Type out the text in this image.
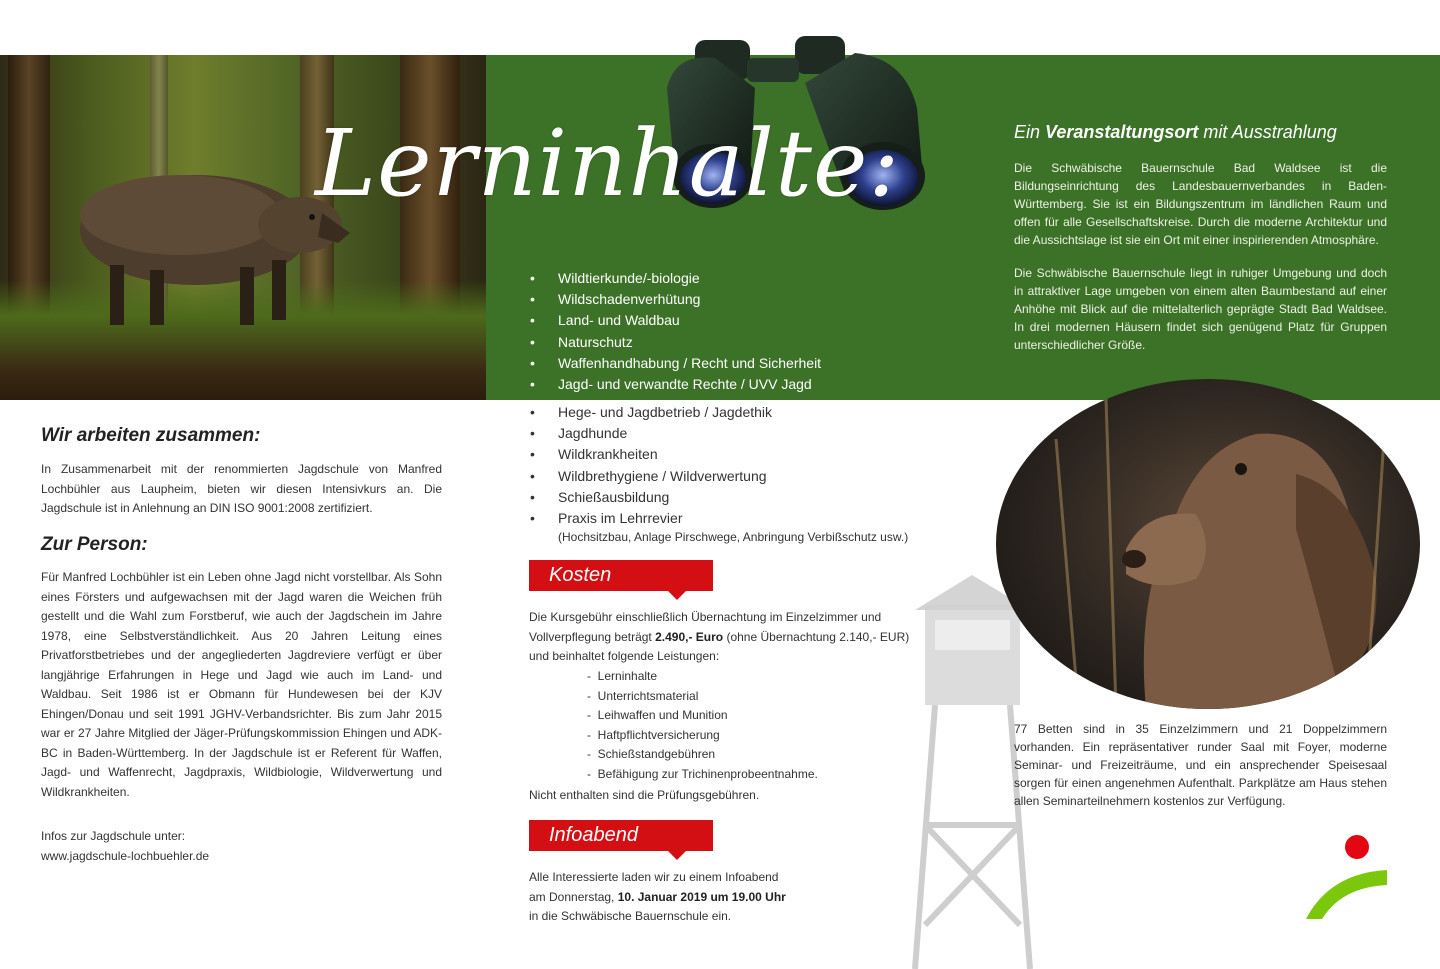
Lerninhalte:
• Wildtierkunde/-biologie
• Wildschadenverhütung
• Land- und Waldbau
• Naturschutz
• Waffenhandhabung / Recht und Sicherheit
• Jagd- und verwandte Rechte / UVV Jagd
• Hege- und Jagdbetrieb / Jagdethik
• Jagdhunde
• Wildkrankheiten
• Wildbrethygiene / Wildverwertung
• Schießausbildung
• Praxis im Lehrrevier
(Hochsitzbau, Anlage Pirschwege, Anbringung Verbißschutz usw.)
Ein Veranstaltungsort mit Ausstrahlung

Die Schwäbische Bauernschule Bad Waldsee ist die Bildungseinrichtung des Landesbauernverbandes in Baden-Württemberg. Sie ist ein Bildungszentrum im ländlichen Raum und offen für alle Gesellschaftskreise. Durch die moderne Architektur und die Aussichtslage ist sie ein Ort mit einer inspirierenden Atmosphäre.

Die Schwäbische Bauernschule liegt in ruhiger Umgebung und doch in attraktiver Lage umgeben von einem alten Baumbestand auf einer Anhöhe mit Blick auf die mittelalterlich geprägte Stadt Bad Waldsee. In drei modernen Häusern findet sich genügend Platz für Gruppen unterschiedlicher Größe.

77 Betten sind in 35 Einzelzimmern und 21 Doppelzimmern vorhanden. Ein repräsentativer runder Saal mit Foyer, moderne Seminar- und Freizeiträume, und ein ansprechender Speisesaal sorgen für einen angenehmen Aufenthalt. Parkplätze am Haus stehen allen Seminarteilnehmern kostenlos zur Verfügung.

Wir arbeiten zusammen:

In Zusammenarbeit mit der renommierten Jagdschule von Manfred Lochbühler aus Laupheim, bieten wir diesen Intensivkurs an. Die Jagdschule ist in Anlehnung an DIN ISO 9001:2008 zertifiziert.

Zur Person:

Für Manfred Lochbühler ist ein Leben ohne Jagd nicht vorstellbar. Als Sohn eines Försters und aufgewachsen mit der Jagd waren die Weichen früh gestellt und die Wahl zum Forstberuf, wie auch der Jagdschein im Jahre 1978, eine Selbstverständlichkeit. Aus 20 Jahren Leitung eines Privatforstbetriebes und der angegliederten Jagdreviere verfügt er über langjährige Erfahrungen in Hege und Jagd wie auch im Land- und Waldbau. Seit 1986 ist er Obmann für Hundewesen bei der KJV Ehingen/Donau und seit 1991 JGHV-Verbandsrichter. Bis zum Jahr 2015 war er 27 Jahre Mitglied der Jäger-Prüfungskommission Ehingen und ADK-BC in Baden-Württemberg. In der Jagdschule ist er Referent für Waffen, Jagd- und Waffenrecht, Jagdpraxis, Wildbiologie, Wildverwertung und Wildkrankheiten.

Infos zur Jagdschule unter:

www.jagdschule-lochbuehler.de

Kosten

Die Kursgebühr einschließlich Übernachtung im Einzelzimmer und Vollverpflegung beträgt 2.490,- Euro (ohne Übernachtung 2.140,- EUR) und beinhaltet folgende Leistungen:

- Lerninhalte
- Unterrichtsmaterial
- Leihwaffen und Munition
- Haftpflichtversicherung
- Schießstandgebühren
- Befähigung zur Trichinenprobeentnahme.

Nicht enthalten sind die Prüfungsgebühren.

Infoabend

Alle Interessierte laden wir zu einem Infoabend

am Donnerstag, 10. Januar 2019 um 19.00 Uhr

in die Schwäbische Bauernschule ein.
